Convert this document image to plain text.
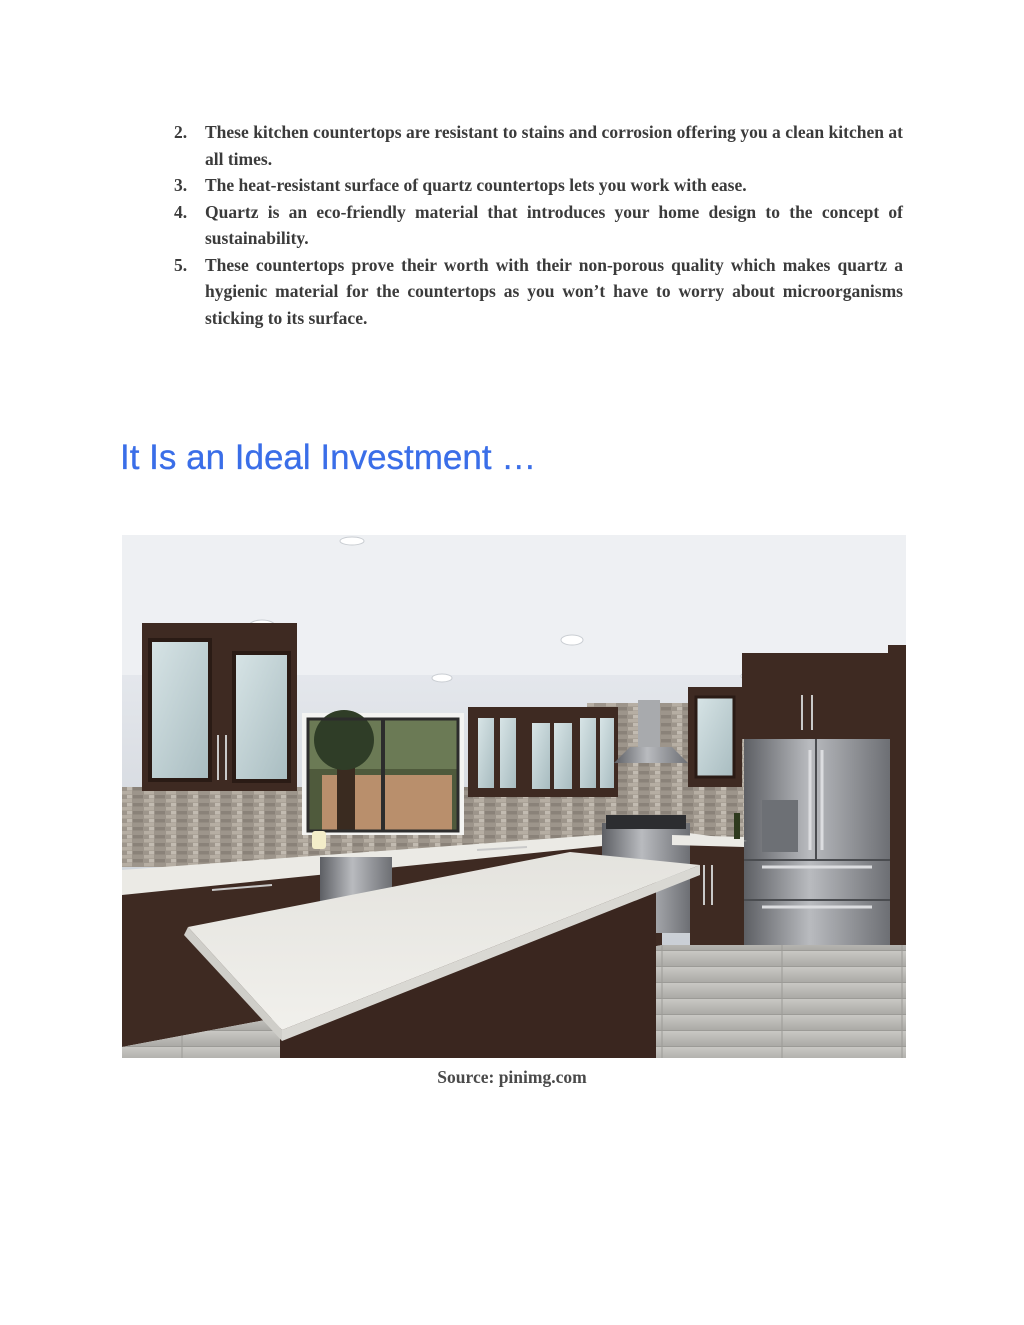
2. These kitchen countertops are resistant to stains and corrosion offering you a clean kitchen at all times.
3. The heat-resistant surface of quartz countertops lets you work with ease.
4. Quartz is an eco-friendly material that introduces your home design to the concept of sustainability.
5. These countertops prove their worth with their non-porous quality which makes quartz a hygienic material for the countertops as you won’t have to worry about microorganisms sticking to its surface.
It Is an Ideal Investment …
Source: pinimg.com
